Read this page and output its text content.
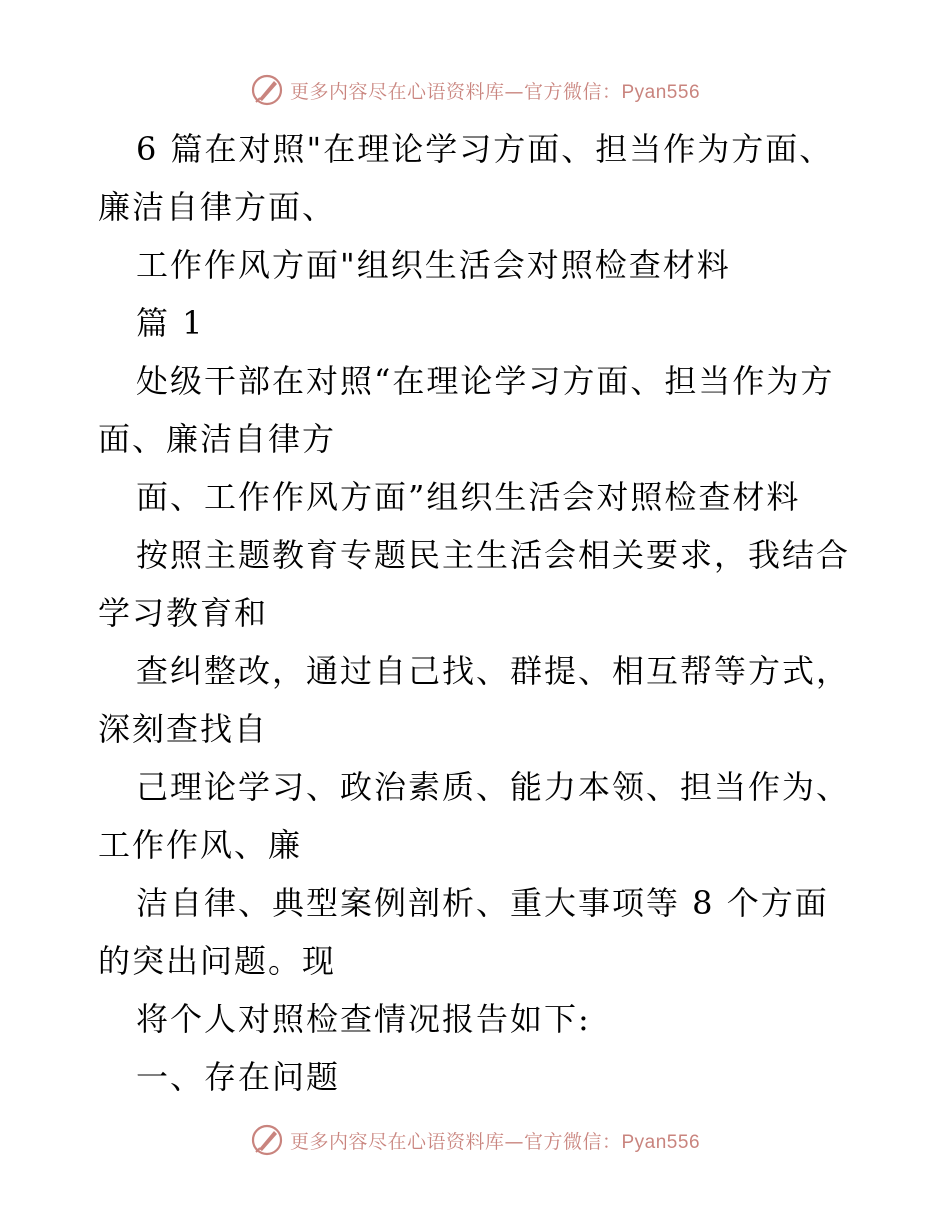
更多内容尽在心语资料库—官方微信：Pyan556
6 篇在对照"在理论学习方面、担当作为方面、
廉洁自律方面、
工作作风方面"组织生活会对照检查材料
篇 1
处级干部在对照“在理论学习方面、担当作为方
面、廉洁自律方
面、工作作风方面”组织生活会对照检查材料
按照主题教育专题民主生活会相关要求，我结合
学习教育和
查纠整改，通过自己找、群提、相互帮等方式，
深刻查找自
己理论学习、政治素质、能力本领、担当作为、
工作作风、廉
洁自律、典型案例剖析、重大事项等 8 个方面
的突出问题。现
将个人对照检查情况报告如下:
一、存在问题
更多内容尽在心语资料库—官方微信：Pyan556
